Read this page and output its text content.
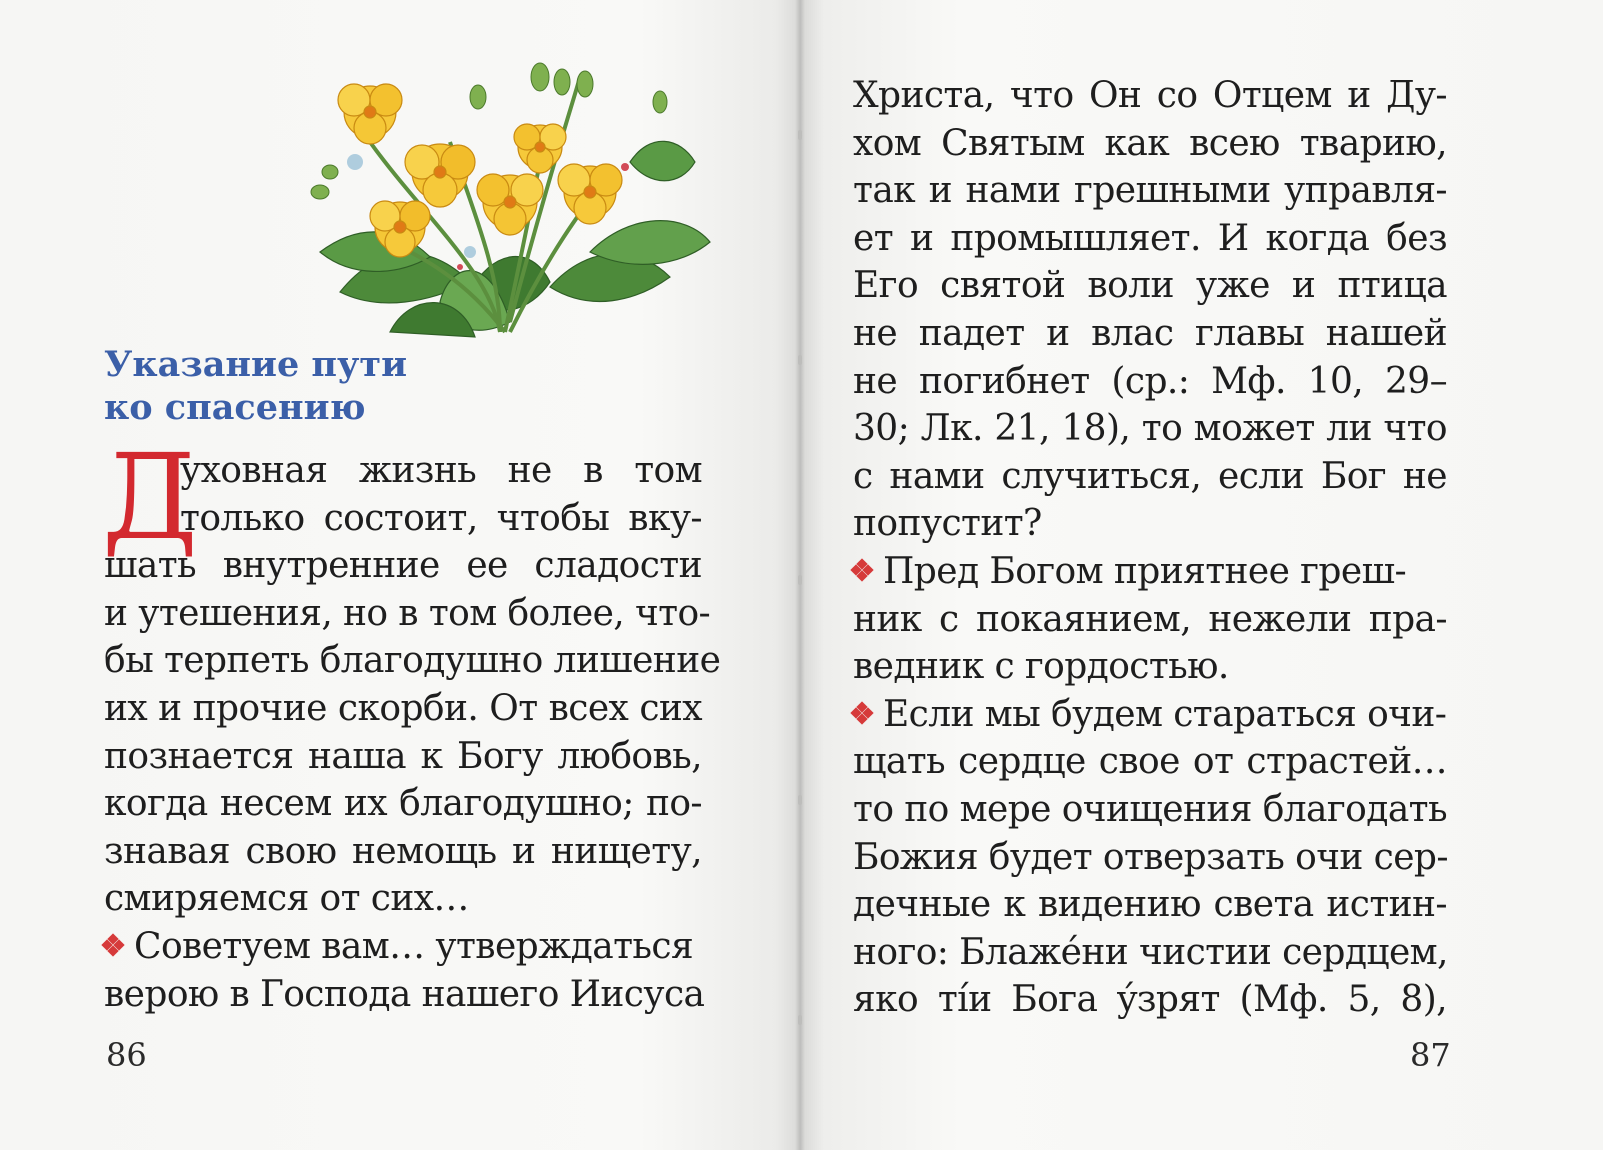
Указание пути
ко спасению
Д
уховная жизнь не в том
только состоит, чтобы вку-
шать внутренние ее сладости
и утешения, но в том более, что-
бы терпеть благодушно лишение
их и прочие скорби. От всех сих
познается наша к Богу любовь,
когда несем их благодушно; по-
знавая свою немощь и нищету,
смиряемся от сих…
Советуем вам… утверждаться
верою в Господа нашего Иисуса
86	87
Христа, что Он со Отцем и Ду-
хом Святым как всею тварию,
так и нами грешными управля-
ет и промышляет. И когда без
Его святой воли уже и птица
не падет и влас главы нашей
не погибнет (ср.: Мф. 10, 29–
30; Лк. 21, 18), то может ли что
с нами случиться, если Бог не
попустит?
Пред Богом приятнее греш-
ник с покаянием, нежели пра-
ведник с гордостью.
Если мы будем стараться очи-
щать сердце свое от страстей…
то по мере очищения благодать
Божия будет отверзать очи сер-
дечные к видению света истин-
ного: Блажéни чистии сердцем,
яко тíи Бога ýзрят (Мф. 5, 8),
